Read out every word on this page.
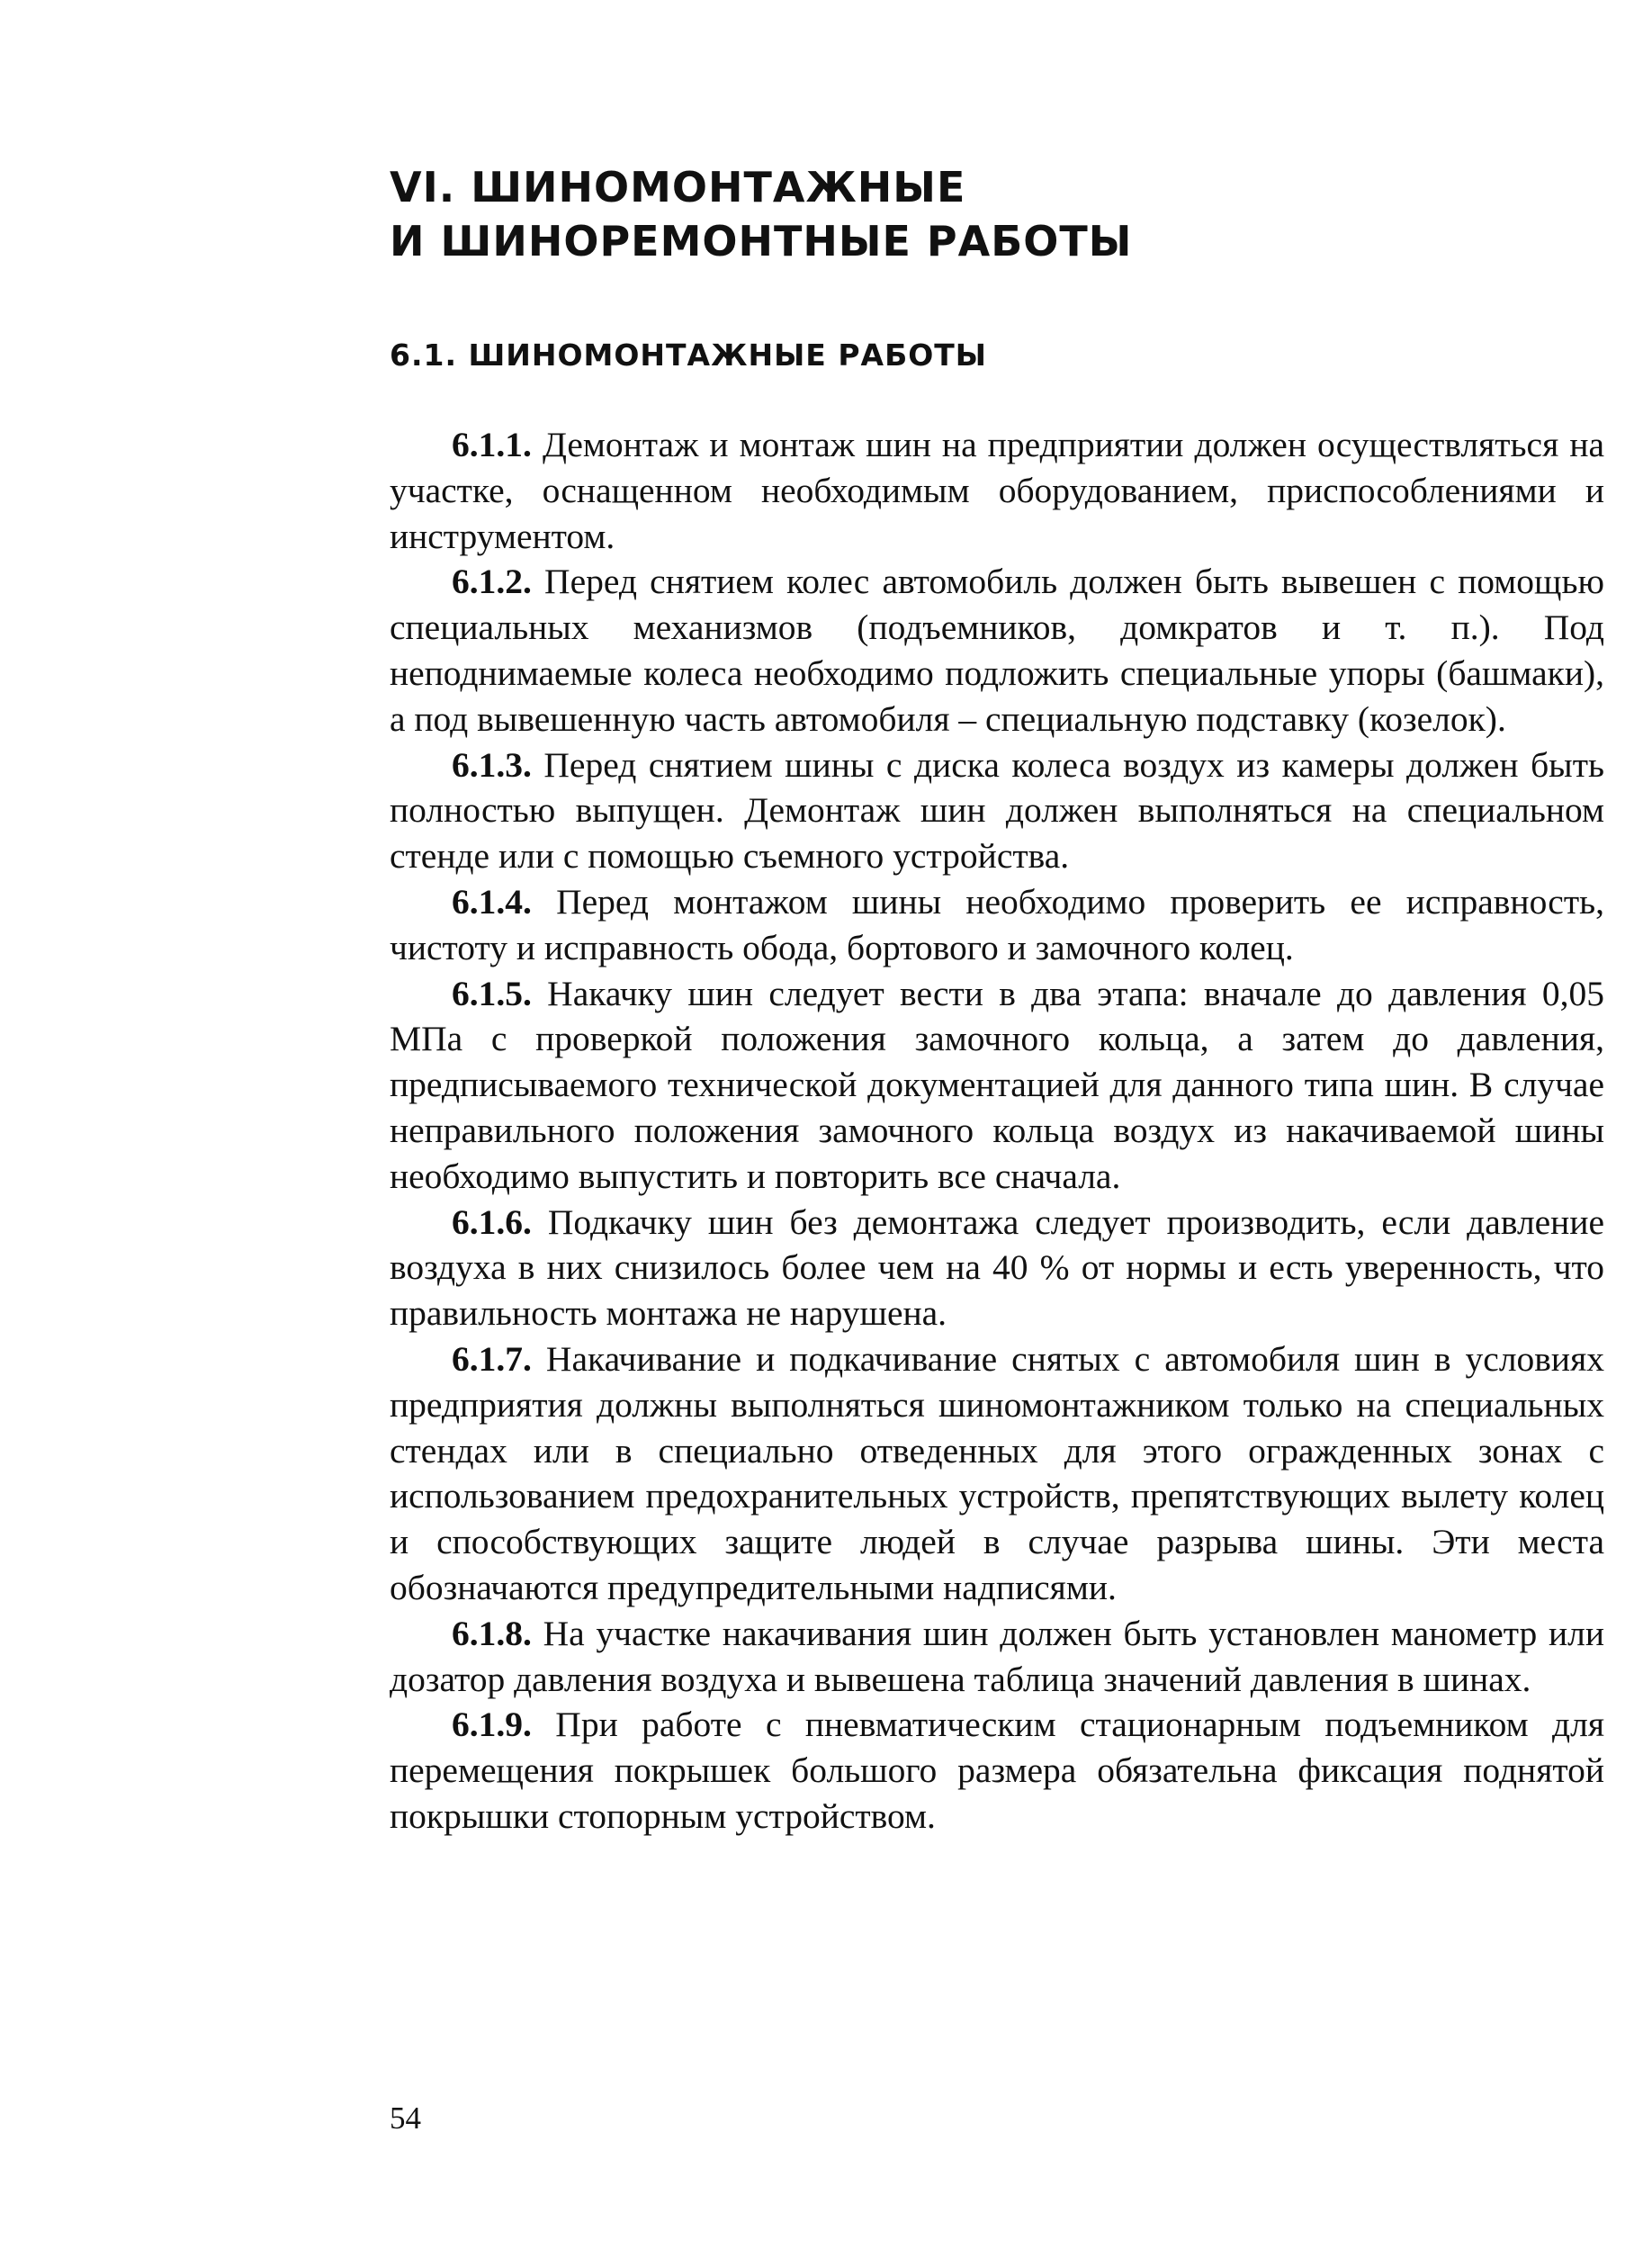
VI. ШИНОМОНТАЖНЫЕ
И ШИНОРЕМОНТНЫЕ РАБОТЫ
6.1. ШИНОМОНТАЖНЫЕ РАБОТЫ

6.1.1. Демонтаж и монтаж шин на предприятии должен осуществляться на участке, оснащенном необходимым оборудованием, приспособлениями и инструментом.

6.1.2. Перед снятием колес автомобиль должен быть вывешен с помощью специальных механизмов (подъемников, домкратов и т. п.). Под неподнимаемые колеса необходимо подложить специальные упоры (башмаки), а под вывешенную часть автомобиля – специальную подставку (козелок).

6.1.3. Перед снятием шины с диска колеса воздух из камеры должен быть полностью выпущен. Демонтаж шин должен выполняться на специальном стенде или с помощью съемного устройства.

6.1.4. Перед монтажом шины необходимо проверить ее исправность, чистоту и исправность обода, бортового и замочного колец.

6.1.5. Накачку шин следует вести в два этапа: вначале до давления 0,05 МПа с проверкой положения замочного кольца, а затем до давления, предписываемого технической документацией для данного типа шин. В случае неправильного положения замочного кольца воздух из накачиваемой шины необходимо выпустить и повторить все сначала.

6.1.6. Подкачку шин без демонтажа следует производить, если давление воздуха в них снизилось более чем на 40 % от нормы и есть уверенность, что правильность монтажа не нарушена.

6.1.7. Накачивание и подкачивание снятых с автомобиля шин в условиях предприятия должны выполняться шиномонтажником только на специальных стендах или в специально отведенных для этого огражденных зонах с использованием предохранительных устройств, препятствующих вылету колец и способствующих защите людей в случае разрыва шины. Эти места обозначаются предупредительными надписями.

6.1.8. На участке накачивания шин должен быть установлен манометр или дозатор давления воздуха и вывешена таблица значений давления в шинах.

6.1.9. При работе с пневматическим стационарным подъемником для перемещения покрышек большого размера обязательна фиксация поднятой покрышки стопорным устройством.

54
